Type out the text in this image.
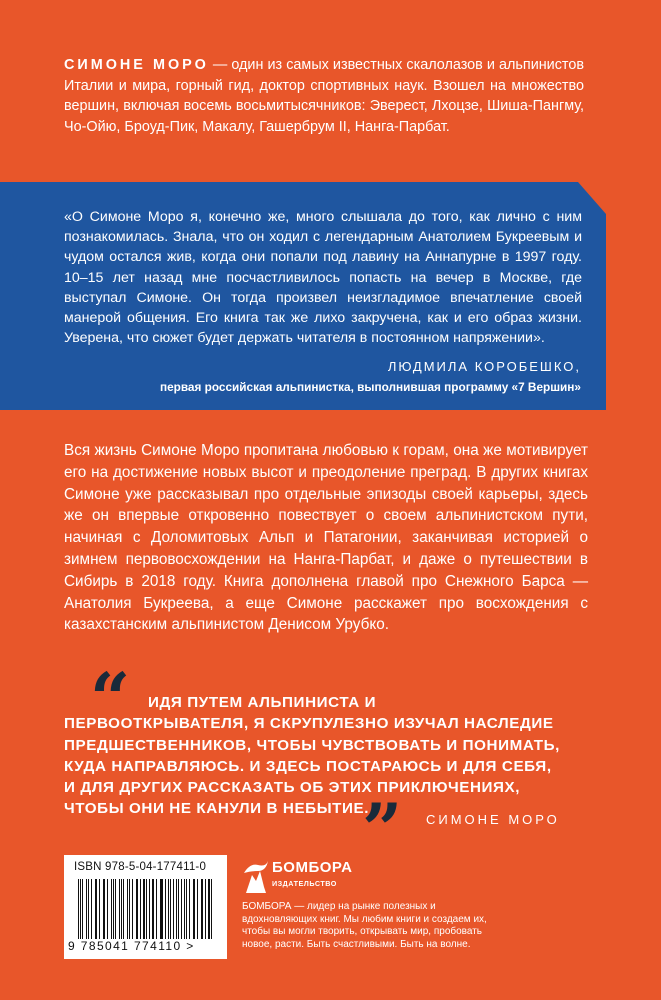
СИМОНЕ МОРО — один из самых известных скалолазов и альпинистов Италии и мира, горный гид, доктор спортивных наук. Взошел на множество вершин, включая восемь восьмитысячников: Эверест, Лхоцзе, Шиша-Пангму, Чо-Ойю, Броуд-Пик, Макалу, Гашербрум II, Нанга-Парбат.
«О Симоне Моро я, конечно же, много слышала до того, как лично с ним познакомилась. Знала, что он ходил с легендарным Анатолием Букреевым и чудом остался жив, когда они попали под лавину на Аннапурне в 1997 году. 10–15 лет назад мне посчастливилось попасть на вечер в Москве, где выступал Симоне. Он тогда произвел неизгладимое впечатление своей манерой общения. Его книга так же лихо закручена, как и его образ жизни. Уверена, что сюжет будет держать читателя в постоянном напряжении».
ЛЮДМИЛА КОРОБЕШКО,
первая российская альпинистка, выполнившая программу «7 Вершин»
Вся жизнь Симоне Моро пропитана любовью к горам, она же мотивирует его на достижение новых высот и преодоление преград. В других книгах Симоне уже рассказывал про отдельные эпизоды своей карьеры, здесь же он впервые откровенно повествует о своем альпинистском пути, начиная с Доломитовых Альп и Патагонии, заканчивая историей о зимнем первовосхождении на Нанга-Парбат, и даже о путешествии в Сибирь в 2018 году. Книга дополнена главой про Снежного Барса — Анатолия Букреева, а еще Симоне расскажет про восхождения с казахстанским альпинистом Денисом Урубко.
“	ИДЯ ПУТЕМ АЛЬПИНИСТА И ПЕРВООТКРЫВАТЕЛЯ, Я СКРУПУЛЕЗНО ИЗУЧАЛ НАСЛЕДИЕ ПРЕДШЕСТВЕННИКОВ, ЧТОБЫ ЧУВСТВОВАТЬ И ПОНИМАТЬ, КУДА НАПРАВЛЯЮСЬ. И ЗДЕСЬ ПОСТАРАЮСЬ И ДЛЯ СЕБЯ, И ДЛЯ ДРУГИХ РАССКАЗАТЬ ОБ ЭТИХ ПРИКЛЮЧЕНИЯХ, ЧТОБЫ ОНИ НЕ КАНУЛИ В НЕБЫТИЕ.
” СИМОНЕ МОРО
ISBN 978-5-04-177411-0
9 785041 774110 >
БОМБОРА
ИЗДАТЕЛЬСТВО
БОМБОРА — лидер на рынке полезных и вдохновляющих книг. Мы любим книги и создаем их, чтобы вы могли творить, открывать мир, пробовать новое, расти. Быть счастливыми. Быть на волне.
